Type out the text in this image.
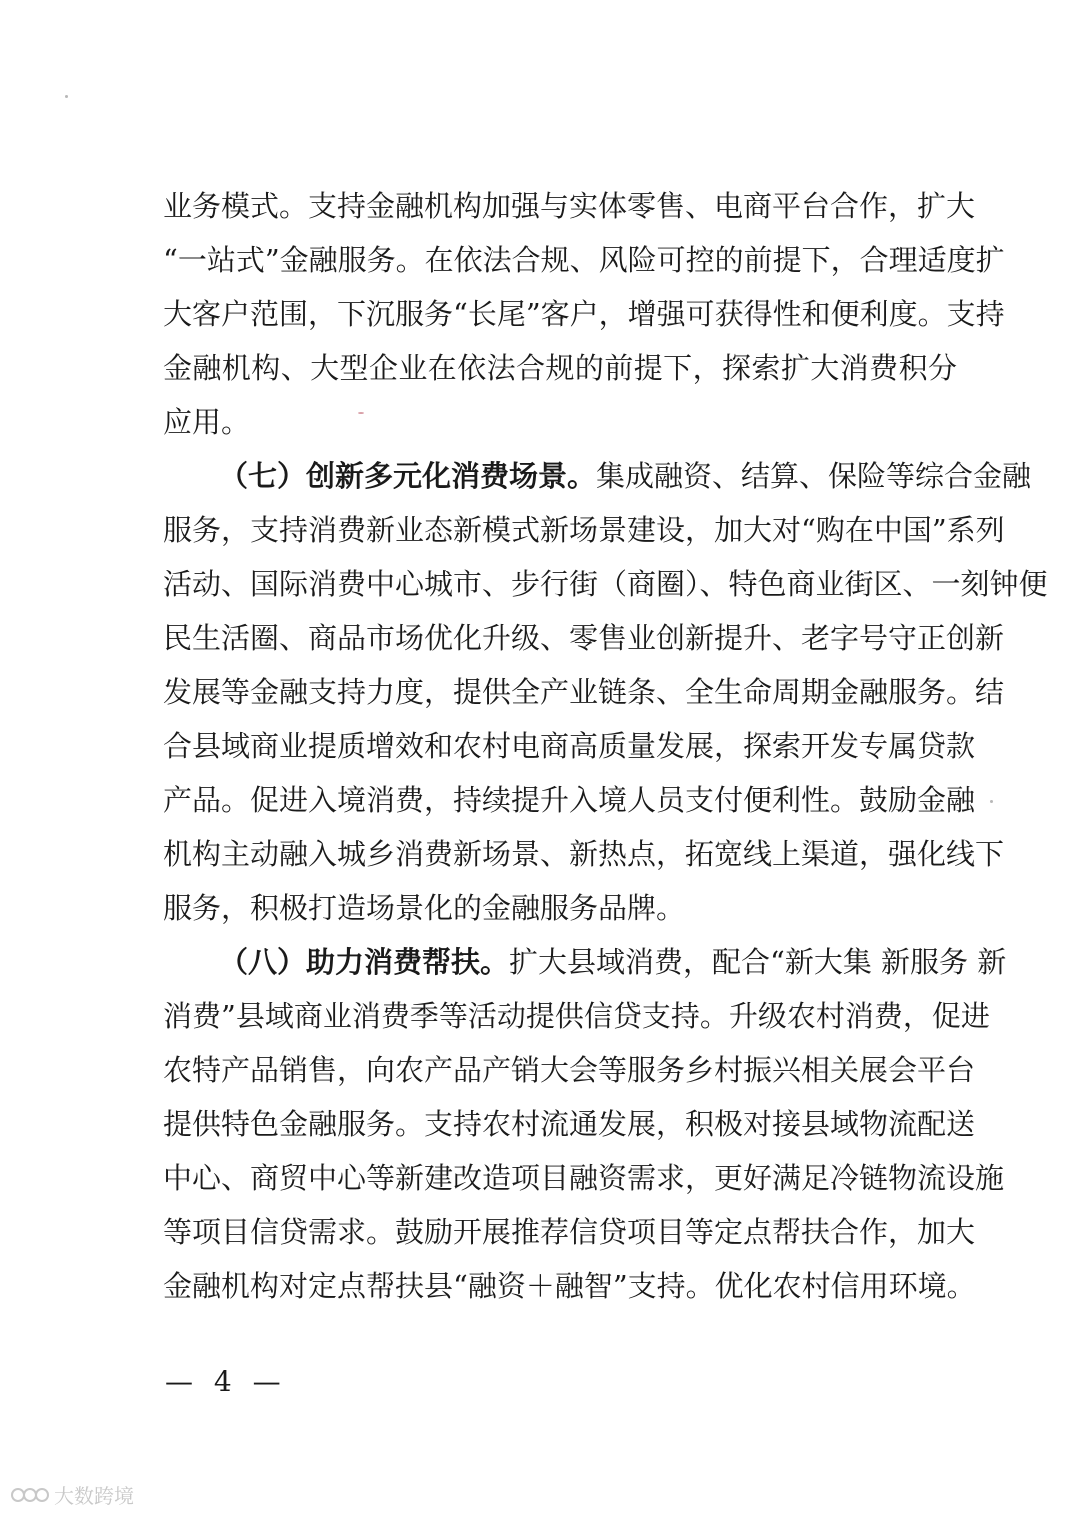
业务模式。支持金融机构加强与实体零售、电商平台合作，扩大
“一站式”金融服务。在依法合规、风险可控的前提下，合理适度扩
大客户范围，下沉服务“长尾”客户，增强可获得性和便利度。支持
金融机构、大型企业在依法合规的前提下，探索扩大消费积分
应用。
（七）创新多元化消费场景。集成融资、结算、保险等综合金融
服务，支持消费新业态新模式新场景建设，加大对“购在中国”系列
活动、国际消费中心城市、步行街（商圈）、特色商业街区、一刻钟便
民生活圈、商品市场优化升级、零售业创新提升、老字号守正创新
发展等金融支持力度，提供全产业链条、全生命周期金融服务。结
合县域商业提质增效和农村电商高质量发展，探索开发专属贷款
产品。促进入境消费，持续提升入境人员支付便利性。鼓励金融
机构主动融入城乡消费新场景、新热点，拓宽线上渠道，强化线下
服务，积极打造场景化的金融服务品牌。
（八）助力消费帮扶。扩大县域消费，配合“新大集 新服务 新
消费”县域商业消费季等活动提供信贷支持。升级农村消费，促进
农特产品销售，向农产品产销大会等服务乡村振兴相关展会平台
提供特色金融服务。支持农村流通发展，积极对接县域物流配送
中心、商贸中心等新建改造项目融资需求，更好满足冷链物流设施
等项目信贷需求。鼓励开展推荐信贷项目等定点帮扶合作，加大
金融机构对定点帮扶县“融资＋融智”支持。优化农村信用环境。
— 4 —
大数跨境
